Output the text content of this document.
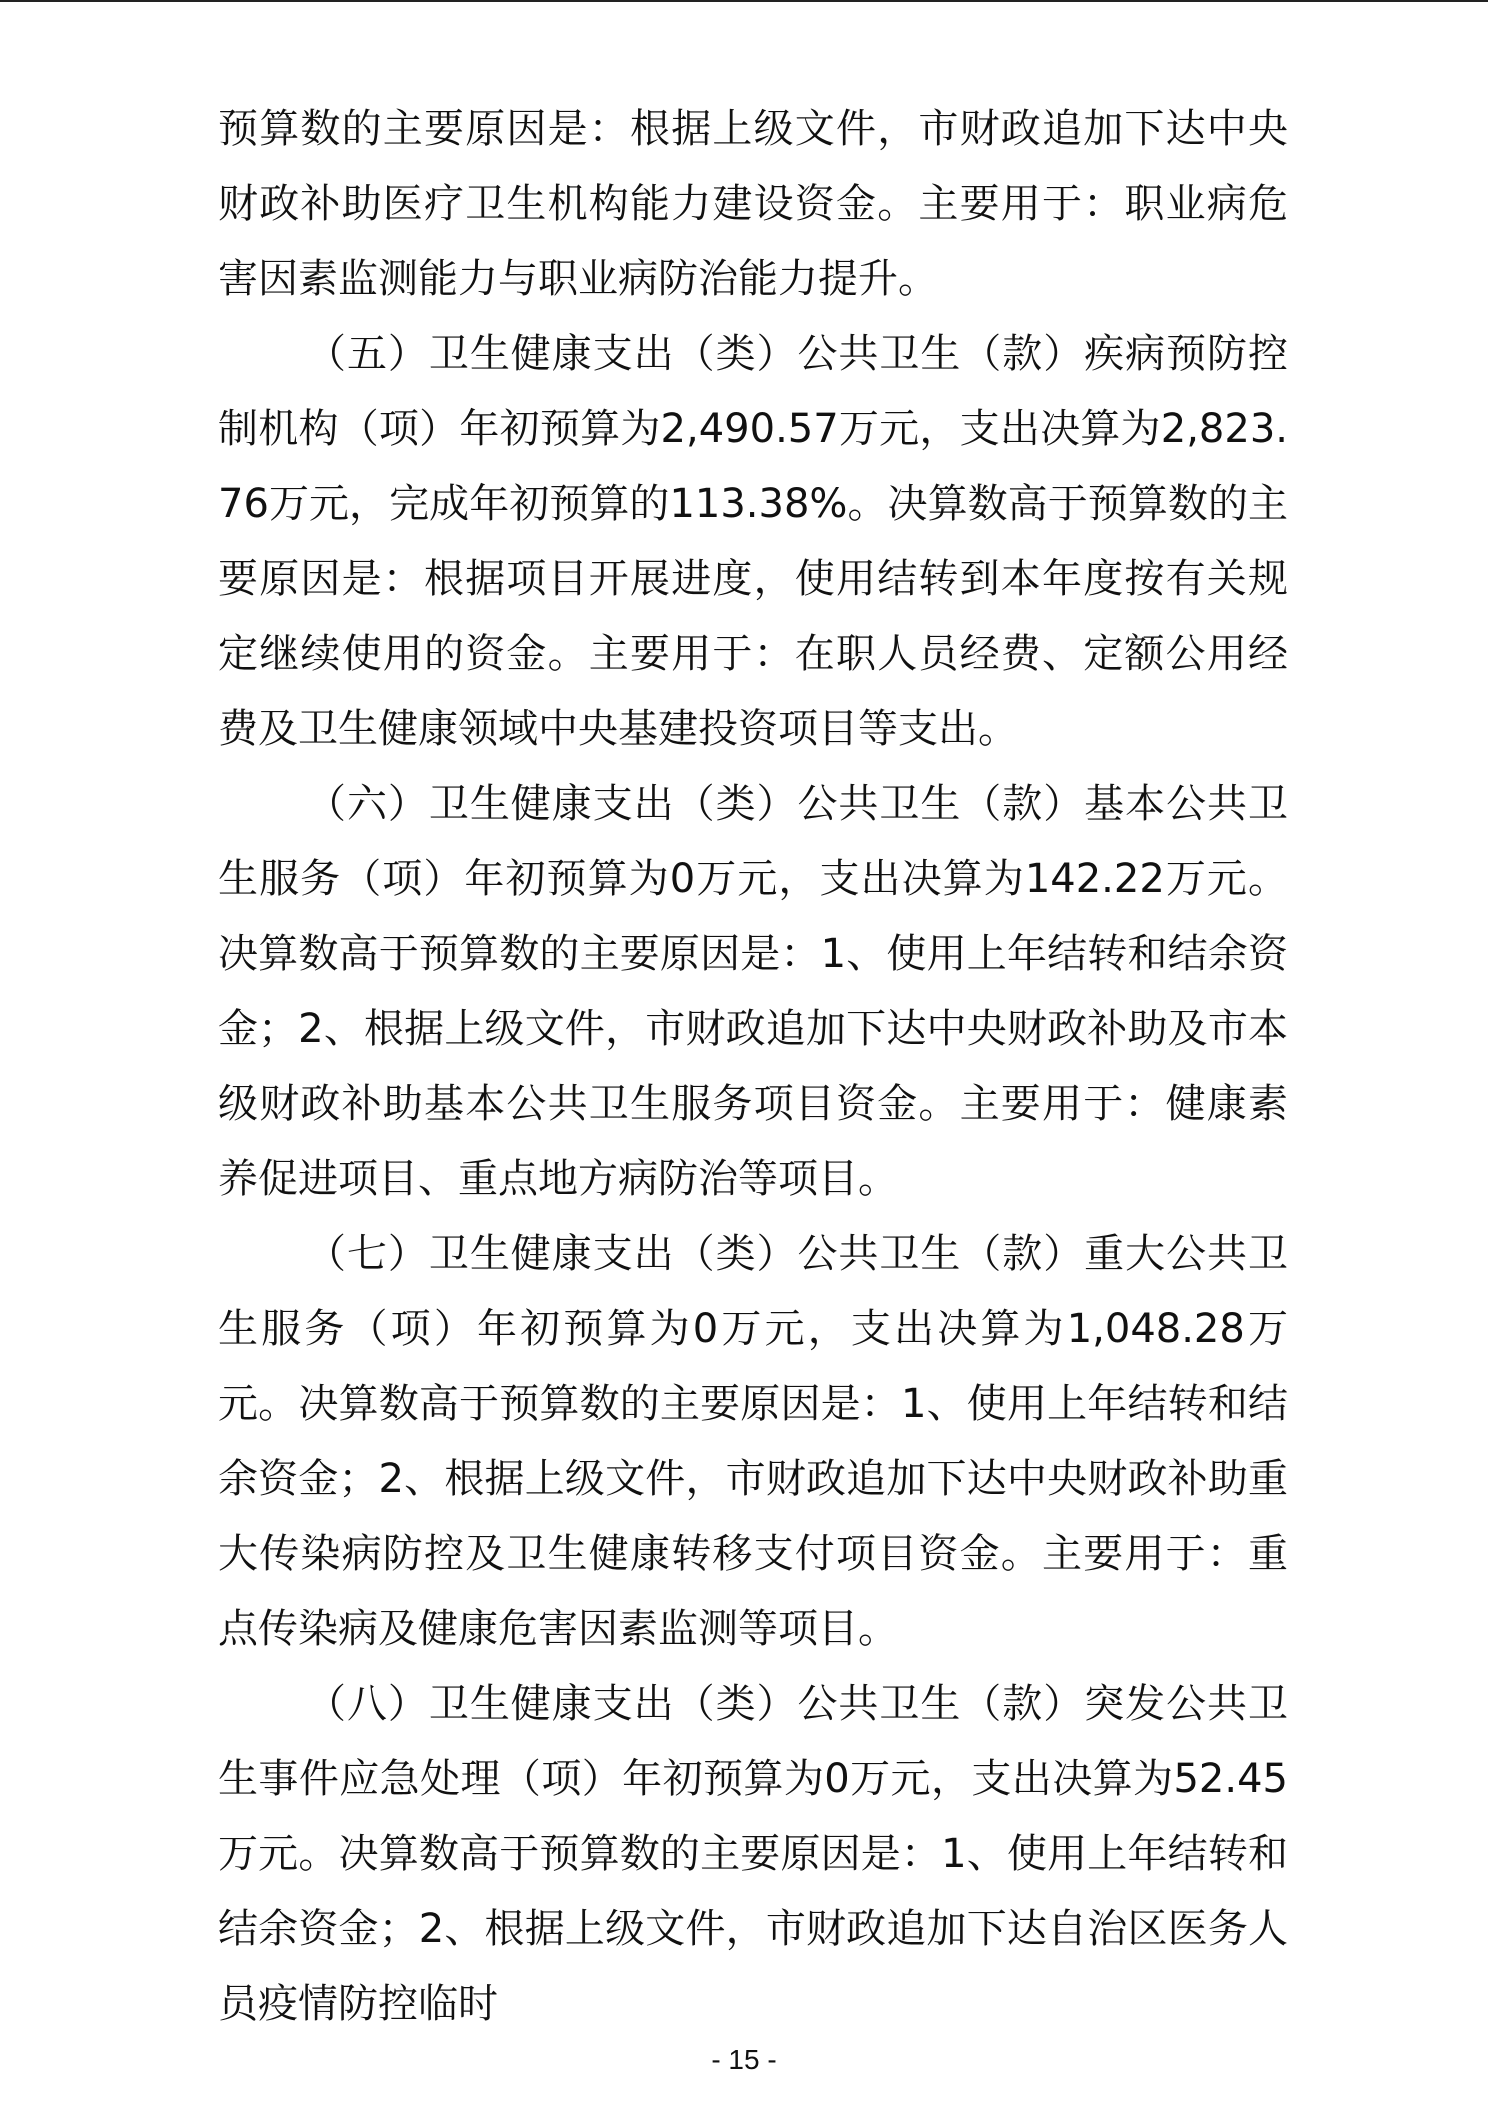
预算数的主要原因是：根据上级文件，市财政追加下达中央财政补助医疗卫生机构能力建设资金。主要用于：职业病危害因素监测能力与职业病防治能力提升。

（五）卫生健康支出（类）公共卫生（款）疾病预防控制机构（项）年初预算为2,490.57万元，支出决算为2,823.76万元，完成年初预算的113.38%。决算数高于预算数的主要原因是：根据项目开展进度，使用结转到本年度按有关规定继续使用的资金。主要用于：在职人员经费、定额公用经费及卫生健康领域中央基建投资项目等支出。

（六）卫生健康支出（类）公共卫生（款）基本公共卫生服务（项）年初预算为0万元，支出决算为142.22万元。决算数高于预算数的主要原因是：1、使用上年结转和结余资金；2、根据上级文件，市财政追加下达中央财政补助及市本级财政补助基本公共卫生服务项目资金。主要用于：健康素养促进项目、重点地方病防治等项目。

（七）卫生健康支出（类）公共卫生（款）重大公共卫生服务（项）年初预算为0万元，支出决算为1,048.28万元。决算数高于预算数的主要原因是：1、使用上年结转和结余资金；2、根据上级文件，市财政追加下达中央财政补助重大传染病防控及卫生健康转移支付项目资金。主要用于：重点传染病及健康危害因素监测等项目。

（八）卫生健康支出（类）公共卫生（款）突发公共卫生事件应急处理（项）年初预算为0万元，支出决算为52.45万元。决算数高于预算数的主要原因是：1、使用上年结转和结余资金；2、根据上级文件，市财政追加下达自治区医务人员疫情防控临时

- 15 -
